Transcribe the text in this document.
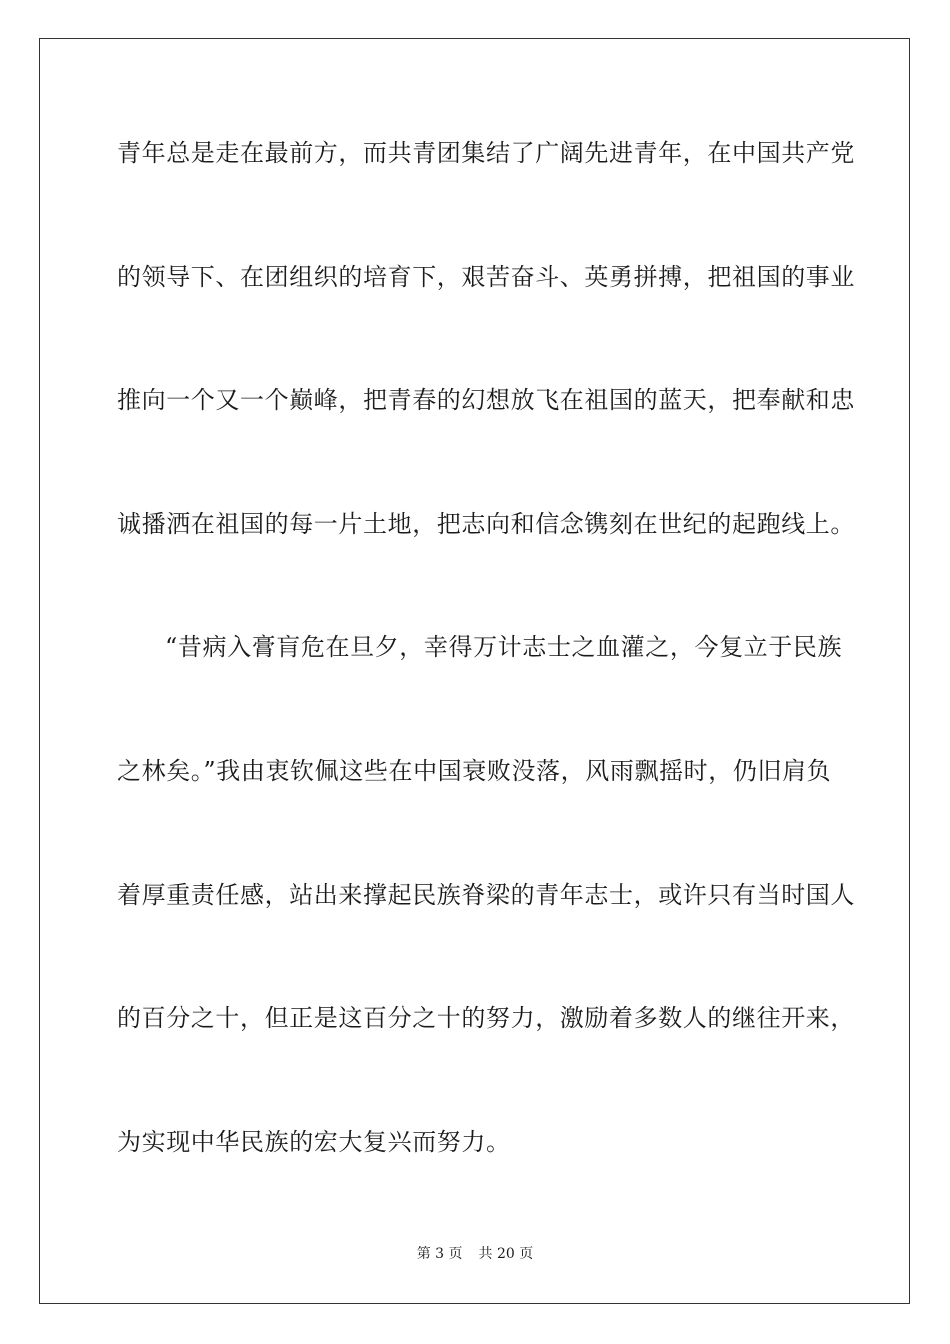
青年总是走在最前方，而共青团集结了广阔先进青年，在中国共产党
的领导下、在团组织的培育下，艰苦奋斗、英勇拼搏，把祖国的事业
推向一个又一个巅峰，把青春的幻想放飞在祖国的蓝天，把奉献和忠
诚播洒在祖国的每一片土地，把志向和信念镌刻在世纪的起跑线上。
“昔病入膏肓危在旦夕，幸得万计志士之血灌之，今复立于民族
之林矣。”我由衷钦佩这些在中国衰败没落，风雨飘摇时，仍旧肩负
着厚重责任感，站出来撑起民族脊梁的青年志士，或许只有当时国人
的百分之十，但正是这百分之十的努力，激励着多数人的继往开来，
为实现中华民族的宏大复兴而努力。
第 3 页 共 20 页
